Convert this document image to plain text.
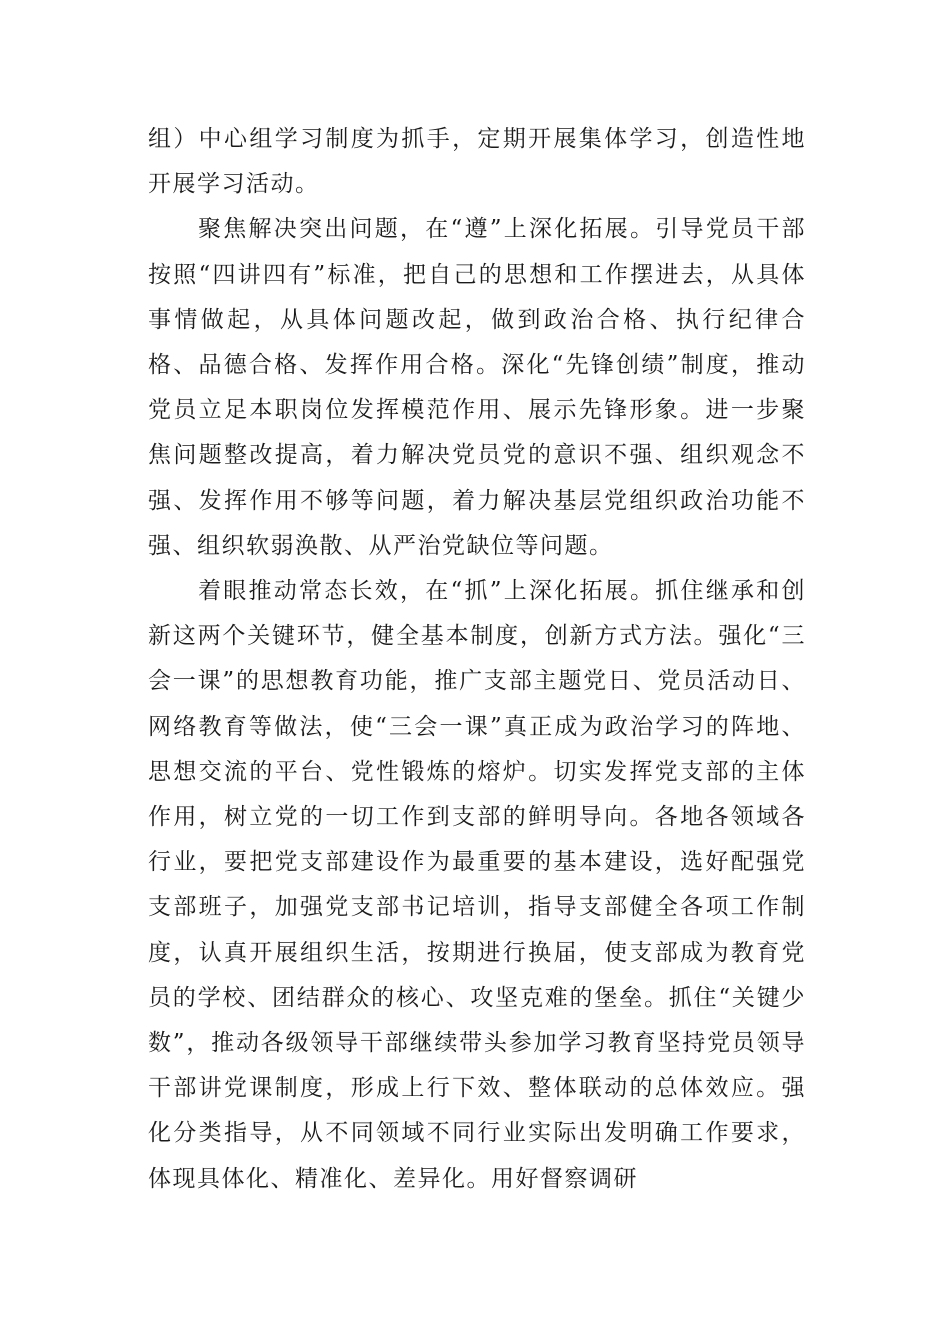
组）中心组学习制度为抓手，定期开展集体学习，创造性地开展学习活动。

聚焦解决突出问题，在“遵”上深化拓展。引导党员干部按照“四讲四有”标准，把自己的思想和工作摆进去，从具体事情做起，从具体问题改起，做到政治合格、执行纪律合格、品德合格、发挥作用合格。深化“先锋创绩”制度，推动党员立足本职岗位发挥模范作用、展示先锋形象。进一步聚焦问题整改提高，着力解决党员党的意识不强、组织观念不强、发挥作用不够等问题，着力解决基层党组织政治功能不强、组织软弱涣散、从严治党缺位等问题。

着眼推动常态长效，在“抓”上深化拓展。抓住继承和创新这两个关键环节，健全基本制度，创新方式方法。强化“三会一课”的思想教育功能，推广支部主题党日、党员活动日、网络教育等做法，使“三会一课”真正成为政治学习的阵地、思想交流的平台、党性锻炼的熔炉。切实发挥党支部的主体作用，树立党的一切工作到支部的鲜明导向。各地各领域各行业，要把党支部建设作为最重要的基本建设，选好配强党支部班子，加强党支部书记培训，指导支部健全各项工作制度，认真开展组织生活，按期进行换届，使支部成为教育党员的学校、团结群众的核心、攻坚克难的堡垒。抓住“关键少数”，推动各级领导干部继续带头参加学习教育坚持党员领导干部讲党课制度，形成上行下效、整体联动的总体效应。强化分类指导，从不同领域不同行业实际出发明确工作要求，体现具体化、精准化、差异化。用好督察调研
